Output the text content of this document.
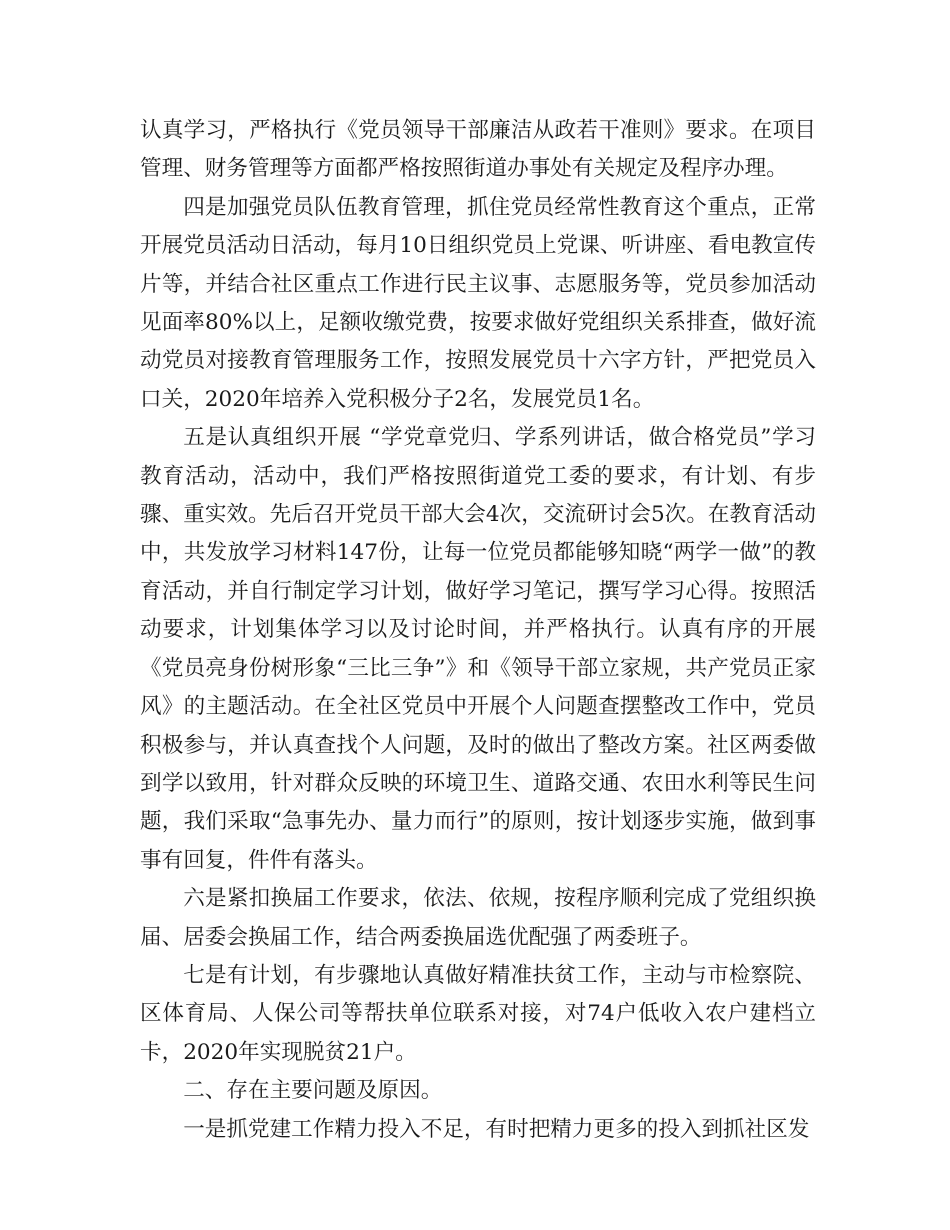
认真学习，严格执行《党员领导干部廉洁从政若干准则》要求。在项目管理、财务管理等方面都严格按照街道办事处有关规定及程序办理。

四是加强党员队伍教育管理，抓住党员经常性教育这个重点，正常开展党员活动日活动，每月10日组织党员上党课、听讲座、看电教宣传片等，并结合社区重点工作进行民主议事、志愿服务等，党员参加活动见面率80%以上，足额收缴党费，按要求做好党组织关系排查，做好流动党员对接教育管理服务工作，按照发展党员十六字方针，严把党员入口关，2020年培养入党积极分子2名，发展党员1名。

五是认真组织开展 “学党章党归、学系列讲话，做合格党员”学习教育活动，活动中，我们严格按照街道党工委的要求，有计划、有步骤、重实效。先后召开党员干部大会4次，交流研讨会5次。在教育活动中，共发放学习材料147份，让每一位党员都能够知晓“两学一做”的教育活动，并自行制定学习计划，做好学习笔记，撰写学习心得。按照活动要求，计划集体学习以及讨论时间，并严格执行。认真有序的开展《党员亮身份树形象“三比三争”》和《领导干部立家规，共产党员正家风》的主题活动。在全社区党员中开展个人问题查摆整改工作中，党员积极参与，并认真查找个人问题，及时的做出了整改方案。社区两委做到学以致用，针对群众反映的环境卫生、道路交通、农田水利等民生问题，我们采取“急事先办、量力而行”的原则，按计划逐步实施，做到事事有回复，件件有落头。

六是紧扣换届工作要求，依法、依规，按程序顺利完成了党组织换届、居委会换届工作，结合两委换届选优配强了两委班子。

七是有计划，有步骤地认真做好精准扶贫工作，主动与市检察院、区体育局、人保公司等帮扶单位联系对接，对74户低收入农户建档立卡，2020年实现脱贫21户。

二、存在主要问题及原因。

一是抓党建工作精力投入不足，有时把精力更多的投入到抓社区发
